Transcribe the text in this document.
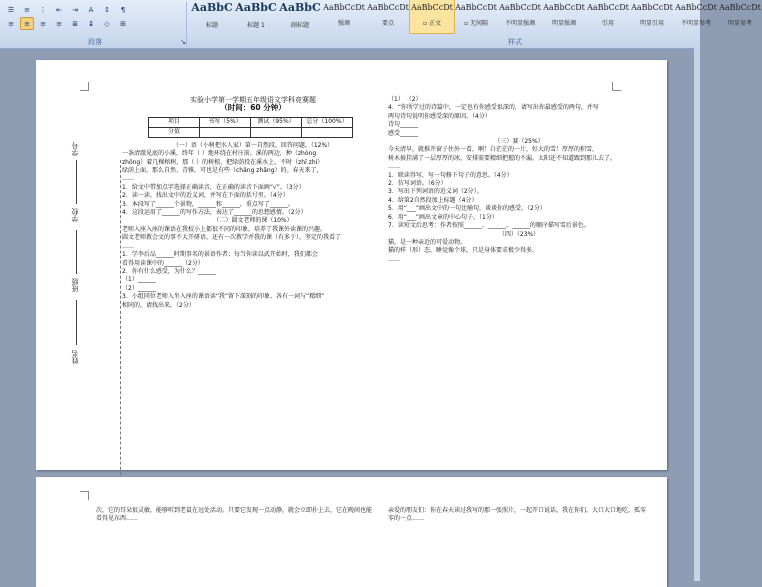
☰	≡	⋮	⇤	⇥	A	↕	¶
≡	≡	≡	≡	≣	↨	◇	⊞
段落	↘
AaBbC
标题
AaBbC
标题 1
AaBbC
副标题
AaBbCcDt
强调
AaBbCcDt
要点
AaBbCcDt
▫ 正文
AaBbCcDt
▫ 无间隔
AaBbCcDt
不明显强调
AaBbCcDt
明显强调
AaBbCcDt
引用
AaBbCcDt
明显引用
AaBbCcDt
不明显参考
AaBbCcDt
明显参考
样式

实验小学第一学期五年级语文学科竞赛题

（时间：60 分钟）

项目	书写（5%）	测试（95%）	总分（100%）
分值			

（一）语（小树把水人家）第一自然段。回答问题。（12%）

一条清澈见底的小溪，终年（ ）地环绕在村庄前。溪的两边，种（zhòng

zhǒng）着几棵榕树，那（ ）的树根，把绿荫投在溪水上，不时（zhǐ zhí）

绿荫上面，那么自然、青雅，可也是有些（chǎng zhǎng）的。春天来了，

……

1．给文中带加点字选择正确读音，在正确的读音下面画“√”。（3分）

2．读一读，找出文中的近义词，并写在下面的括号里。（4分）

3．本段写了______个景物，______和______，重点写了______。

4．这段运用了______的写作方法，表达了______的思想感情。（2分）

（二）圆文老师的课（10%）

老师入座入座的课语在我校小上都很不同的印象。培养了我课外读课的兴趣。

圆文老师教会文的事不大开研语，还有一次教学并我的课（有多于），坚定的我看了

……

1．学李后品______时期事名的景语作者；每当你读以武开始时，我们都会

看得用读课中的______（2分）

2．你有什么感受，为什么？______

（1）______

（2）______

3．小组同位老师入坐入座的课语读“我”留下深刻的印象。各有一词与“精细”

相同的，请找出来。（2分）

（1） （2）

4．“你所学过的诗篇中，一定也有你感受很深的，请写出你最感受的两句，并写

两句诗句说明你感受深的原因。（4分）

诗句______

感受______

（三）赛（25%）

今天清早，就推开窗子往外一看，啊！白茫茫的一片，好大的雪！厚厚的积雪，

树木披挂满了一层厚厚的冰，安排需要精细把握的不漏。太阳还不知道跟到那儿去了。

……

1．联读得写，写一句修下句子的意思。（4分）

2．仿写词语。（6分）

3．写出下列词语的近义词（2分）。

4．给第2自然段加上标题（4分）

5．用“___”画出文中的一句比喻句，谈谈你的感受。（2分）

6．用“___”画出文章的中心句子。（1分）

7．读短文后思考：作者按照______、______、______的顺序描写雪后景色。

（四）（23%）

猫，是一种亲近的可爱动物。

猫的样（形）态，睡觉像个球，只是身体要求极少得多。

……

姓名
班级
学校
学号

次，它的耳朵很灵敏，能够听到老鼠在远处活动。只要它发现一点动静，就会立即扑上去，它在晚间也能看得见东西……

亲爱的朋友们：你在春天读过我写的那一张照片，一起开口说话，我在你们，大口大口地吃，孤零零的一点……
